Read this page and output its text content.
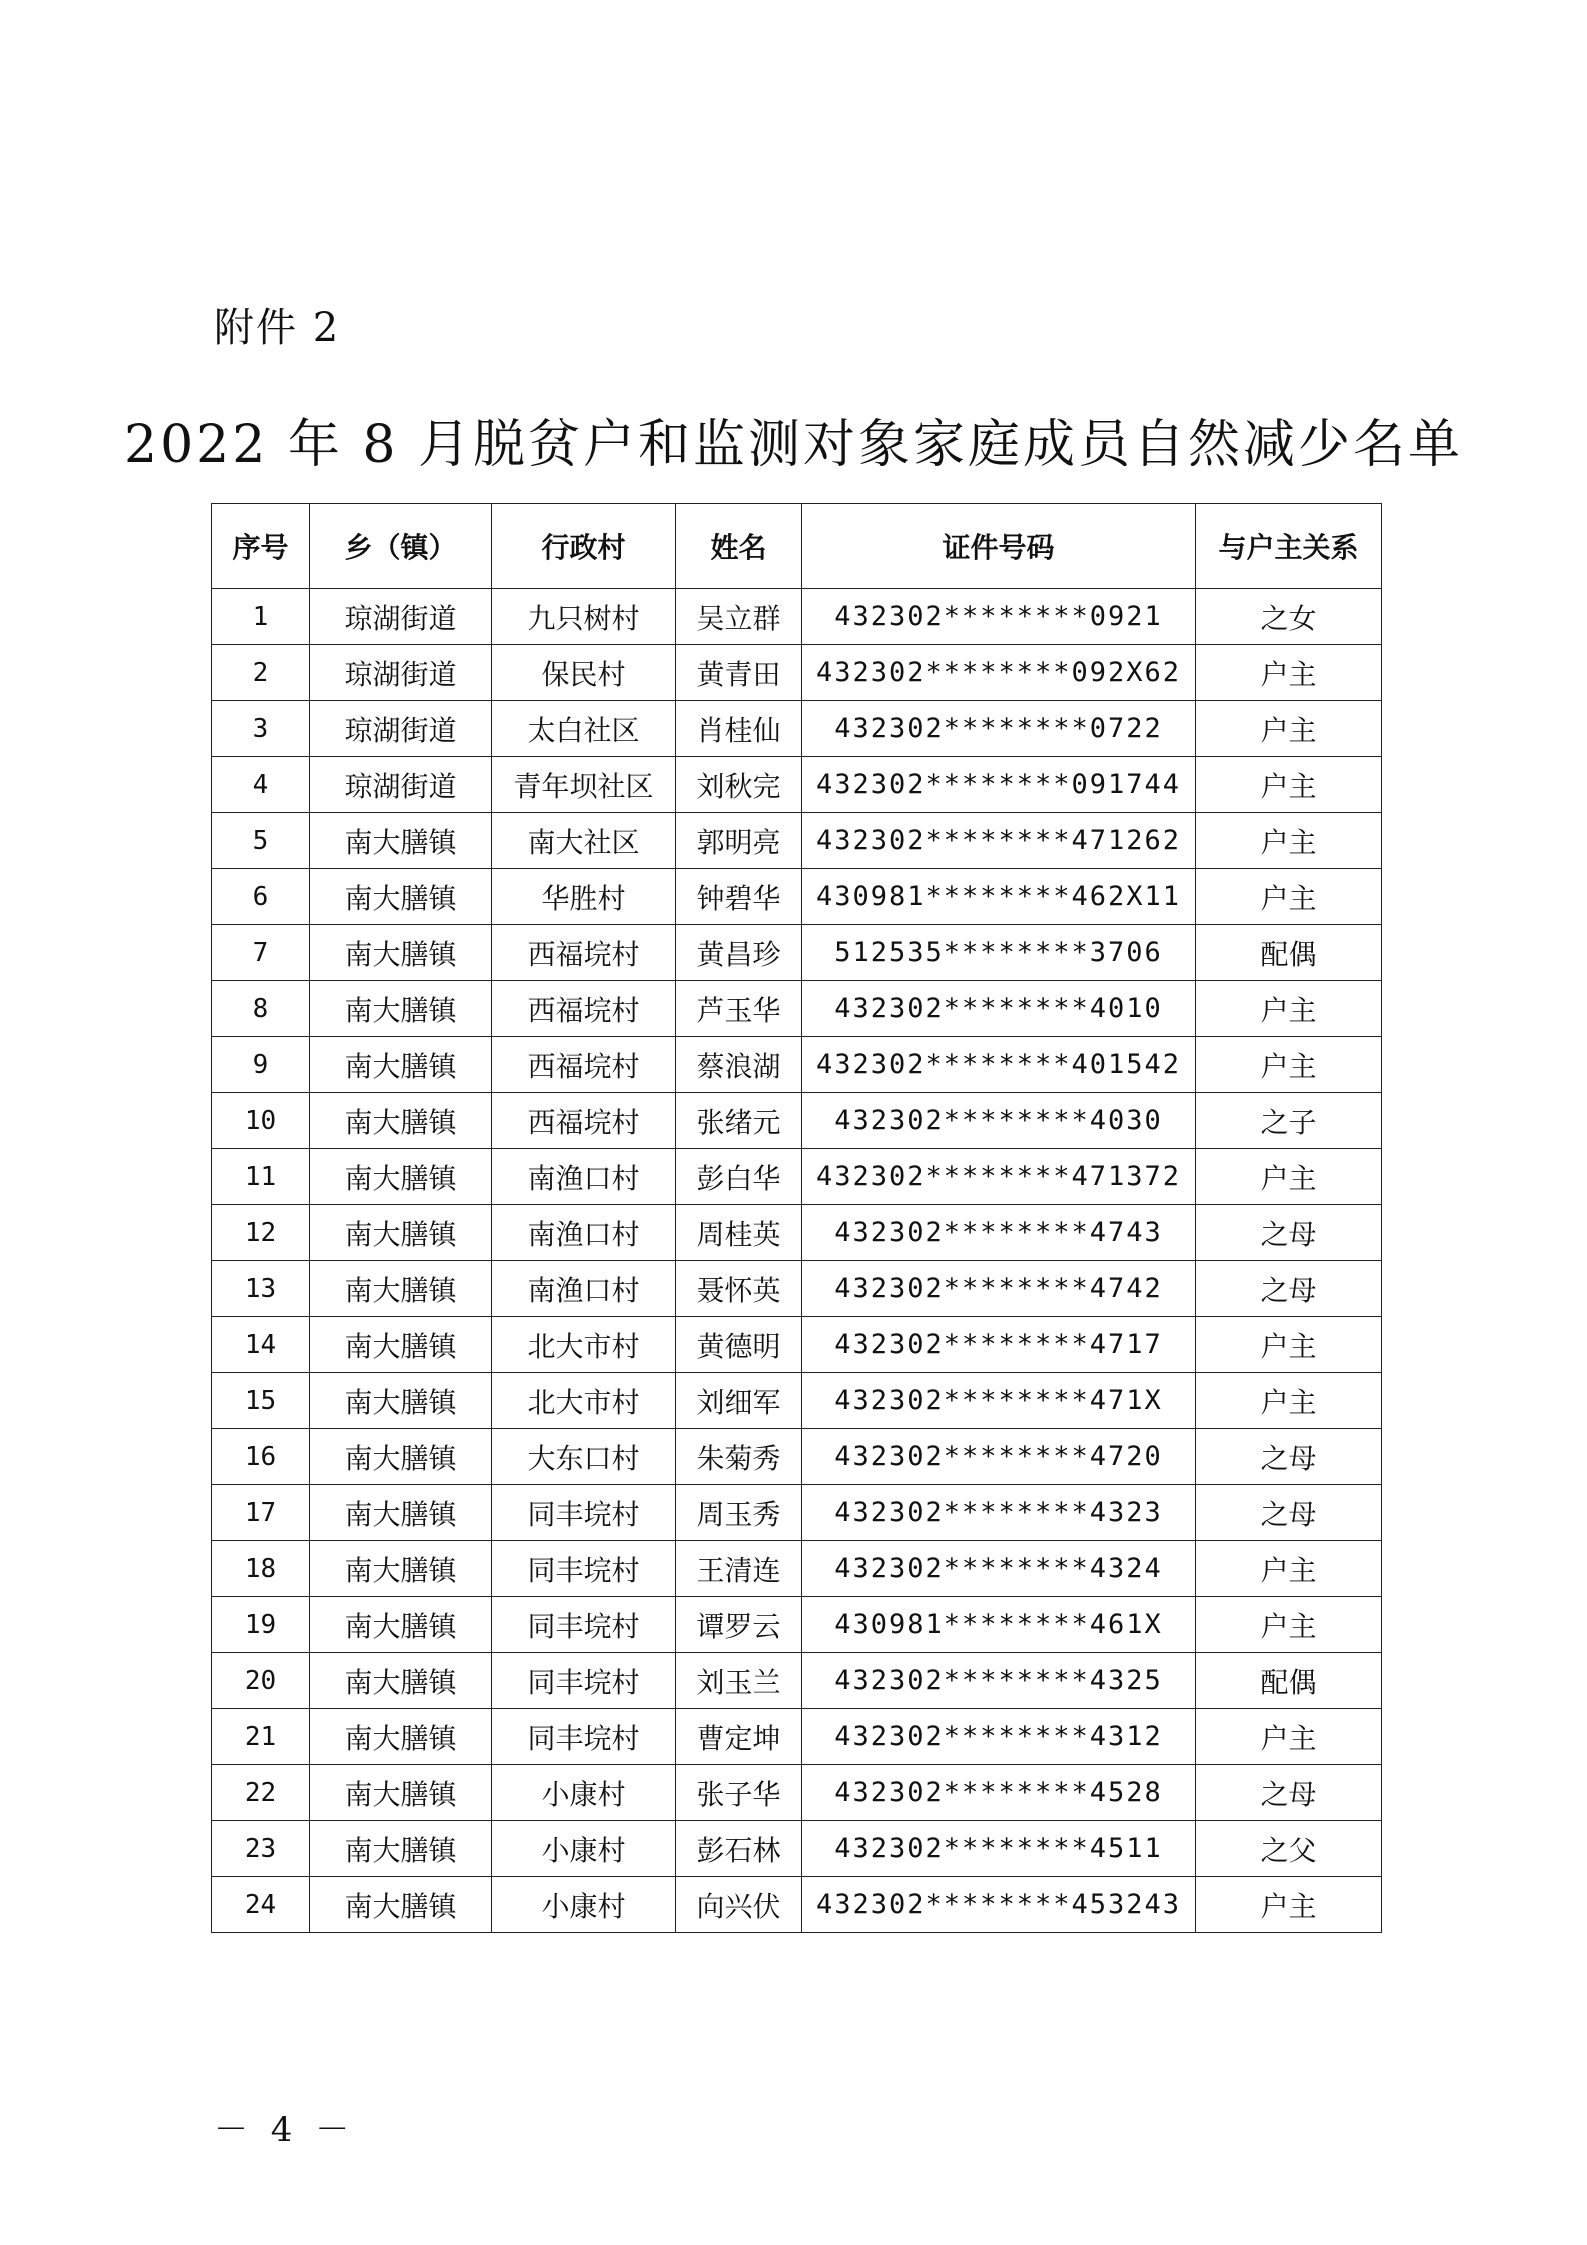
附件 2
2022 年 8 月脱贫户和监测对象家庭成员自然减少名单
序号	乡（镇）	行政村	姓名	证件号码	与户主关系
1	琼湖街道	九只树村	吴立群	432302********0921	之女
2	琼湖街道	保民村	黄青田	432302********092X62	户主
3	琼湖街道	太白社区	肖桂仙	432302********0722	户主
4	琼湖街道	青年坝社区	刘秋完	432302********091744	户主
5	南大膳镇	南大社区	郭明亮	432302********471262	户主
6	南大膳镇	华胜村	钟碧华	430981********462X11	户主
7	南大膳镇	西福垸村	黄昌珍	512535********3706	配偶
8	南大膳镇	西福垸村	芦玉华	432302********4010	户主
9	南大膳镇	西福垸村	蔡浪湖	432302********401542	户主
10	南大膳镇	西福垸村	张绪元	432302********4030	之子
11	南大膳镇	南渔口村	彭白华	432302********471372	户主
12	南大膳镇	南渔口村	周桂英	432302********4743	之母
13	南大膳镇	南渔口村	聂怀英	432302********4742	之母
14	南大膳镇	北大市村	黄德明	432302********4717	户主
15	南大膳镇	北大市村	刘细军	432302********471X	户主
16	南大膳镇	大东口村	朱菊秀	432302********4720	之母
17	南大膳镇	同丰垸村	周玉秀	432302********4323	之母
18	南大膳镇	同丰垸村	王清连	432302********4324	户主
19	南大膳镇	同丰垸村	谭罗云	430981********461X	户主
20	南大膳镇	同丰垸村	刘玉兰	432302********4325	配偶
21	南大膳镇	同丰垸村	曹定坤	432302********4312	户主
22	南大膳镇	小康村	张子华	432302********4528	之母
23	南大膳镇	小康村	彭石林	432302********4511	之父
24	南大膳镇	小康村	向兴伏	432302********453243	户主
－ 4 －
